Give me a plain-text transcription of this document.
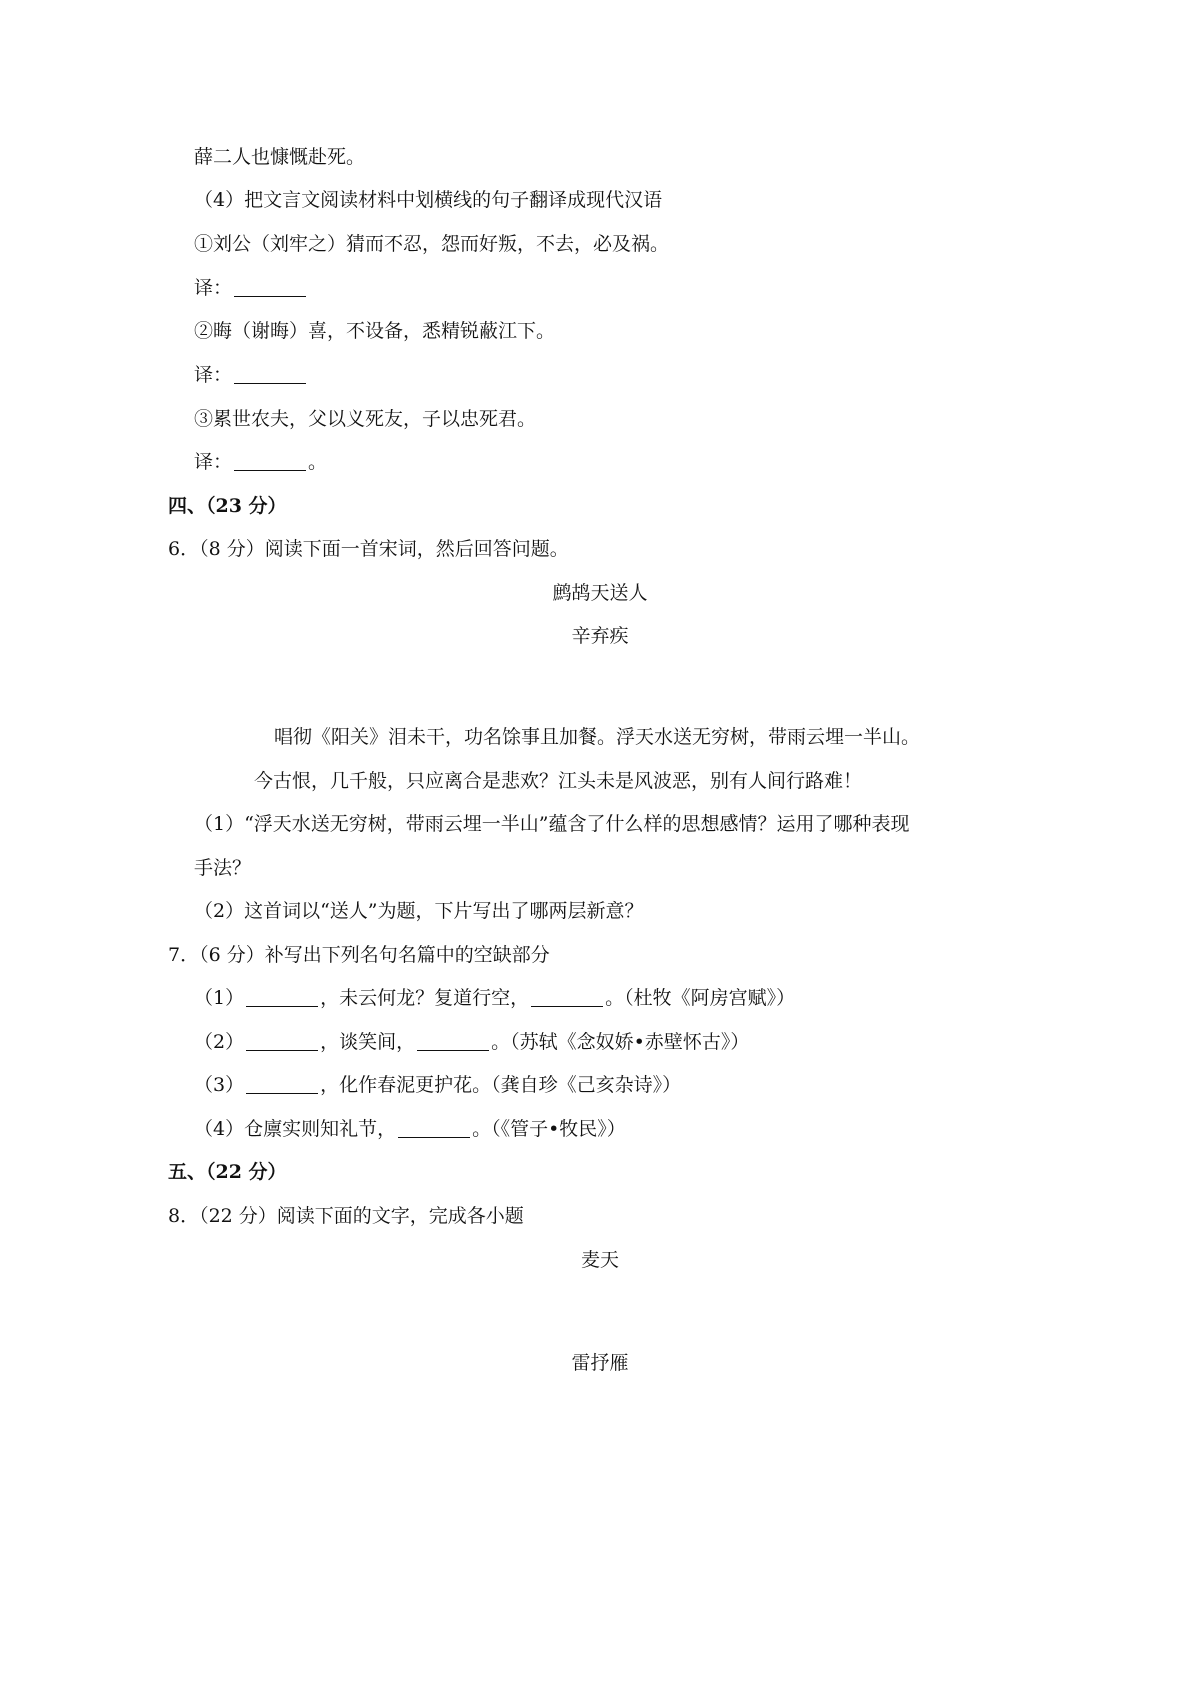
薛二人也慷慨赴死。
（4）把文言文阅读材料中划横线的句子翻译成现代汉语
①刘公（刘牢之）猜而不忍，怨而好叛，不去，必及祸。
译：
②晦（谢晦）喜，不设备，悉精锐蔽江下。
译：
③累世农夫，父以义死友，子以忠死君。
译：	。
四、（23 分）
6．（8 分）阅读下面一首宋词，然后回答问题。
鹧鸪天送人
辛弃疾
唱彻《阳关》泪未干，功名馀事且加餐。浮天水送无穷树，带雨云埋一半山。
今古恨，几千般，只应离合是悲欢？江头未是风波恶，别有人间行路难！
（1）“浮天水送无穷树，带雨云埋一半山”蕴含了什么样的思想感情？运用了哪种表现
手法？
（2）这首词以“送人”为题，下片写出了哪两层新意？
7．（6 分）补写出下列名句名篇中的空缺部分
（1）	，未云何龙？复道行空，	。（杜牧《阿房宫赋》）
（2）	，谈笑间，	。（苏轼《念奴娇•赤壁怀古》）
（3）	，化作春泥更护花。（龚自珍《己亥杂诗》）
（4）仓廪实则知礼节，	。（《管子•牧民》）
五、（22 分）
8．（22 分）阅读下面的文字，完成各小题
麦天
雷抒雁
